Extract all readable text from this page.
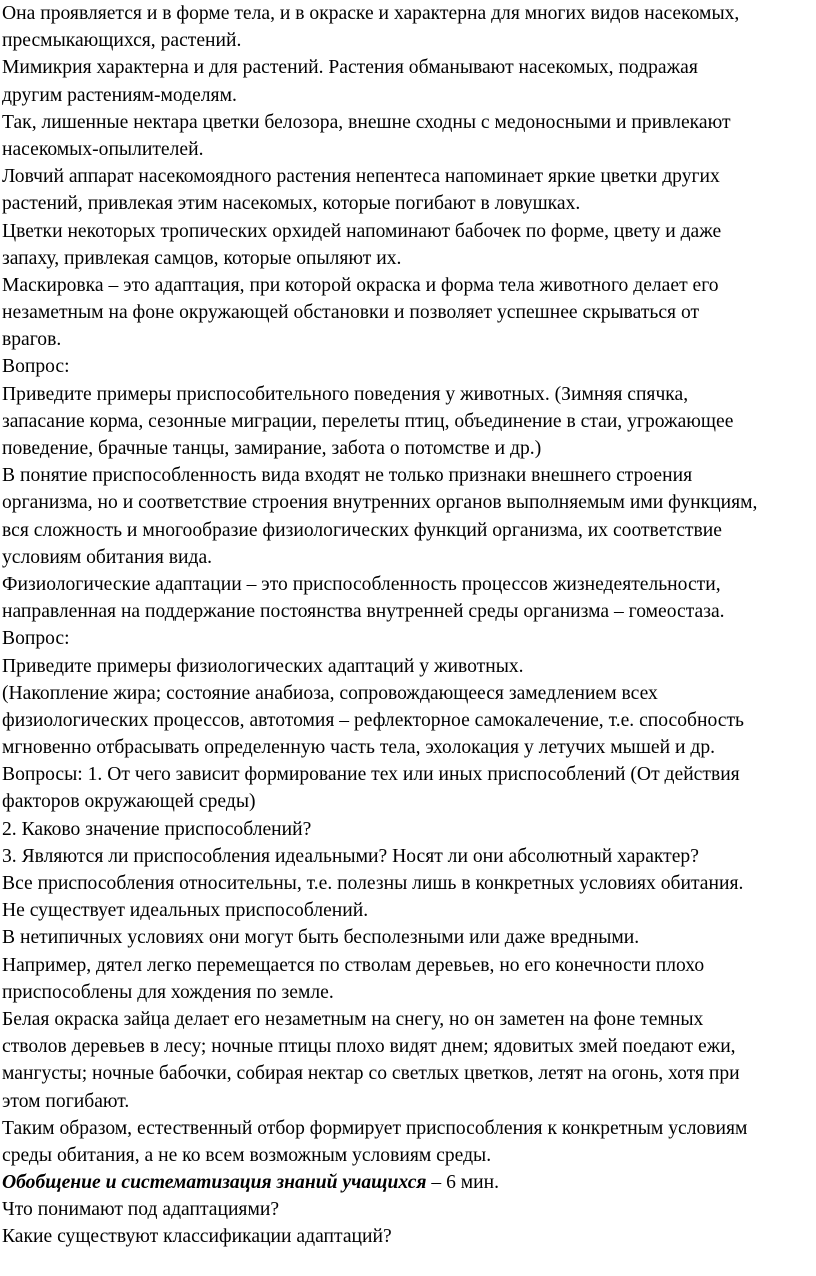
Она проявляется и в форме тела, и в окраске и характерна для многих видов насекомых,
пресмыкающихся, растений.
Мимикрия характерна и для растений. Растения обманывают насекомых, подражая
другим растениям-моделям.
Так, лишенные нектара цветки белозора, внешне сходны с медоносными и привлекают
насекомых-опылителей.
Ловчий аппарат насекомоядного растения непентеса напоминает яркие цветки других
растений, привлекая этим насекомых, которые погибают в ловушках.
Цветки некоторых тропических орхидей напоминают бабочек по форме, цвету и даже
запаху, привлекая самцов, которые опыляют их.
Маскировка – это адаптация, при которой окраска и форма тела животного делает его
незаметным на фоне окружающей обстановки и позволяет успешнее скрываться от
врагов.
Вопрос:
Приведите примеры приспособительного поведения у животных. (Зимняя спячка,
запасание корма, сезонные миграции, перелеты птиц, объединение в стаи, угрожающее
поведение, брачные танцы, замирание, забота о потомстве и др.)
В понятие приспособленность вида входят не только признаки внешнего строения
организма, но и соответствие строения внутренних органов выполняемым ими функциям,
вся сложность и многообразие физиологических функций организма, их соответствие
условиям обитания вида.
Физиологические адаптации – это приспособленность процессов жизнедеятельности,
направленная на поддержание постоянства внутренней среды организма – гомеостаза.
Вопрос:
Приведите примеры физиологических адаптаций у животных.
(Накопление жира; состояние анабиоза, сопровождающееся замедлением всех
физиологических процессов, автотомия – рефлекторное самокалечение, т.е. способность
мгновенно отбрасывать определенную часть тела, эхолокация у летучих мышей и др.
Вопросы: 1. От чего зависит формирование тех или иных приспособлений (От действия
факторов окружающей среды)
2. Каково значение приспособлений?
3. Являются ли приспособления идеальными? Носят ли они абсолютный характер?
Все приспособления относительны, т.е. полезны лишь в конкретных условиях обитания.
Не существует идеальных приспособлений.
В нетипичных условиях они могут быть бесполезными или даже вредными.
Например, дятел легко перемещается по стволам деревьев, но его конечности плохо
приспособлены для хождения по земле.
Белая окраска зайца делает его незаметным на снегу, но он заметен на фоне темных
стволов деревьев в лесу; ночные птицы плохо видят днем; ядовитых змей поедают ежи,
мангусты; ночные бабочки, собирая нектар со светлых цветков, летят на огонь, хотя при
этом погибают.
Таким образом, естественный отбор формирует приспособления к конкретным условиям
среды обитания, а не ко всем возможным условиям среды.
Обобщение и систематизация знаний учащихся – 6 мин.
Что понимают под адаптациями?
Какие существуют классификации адаптаций?
